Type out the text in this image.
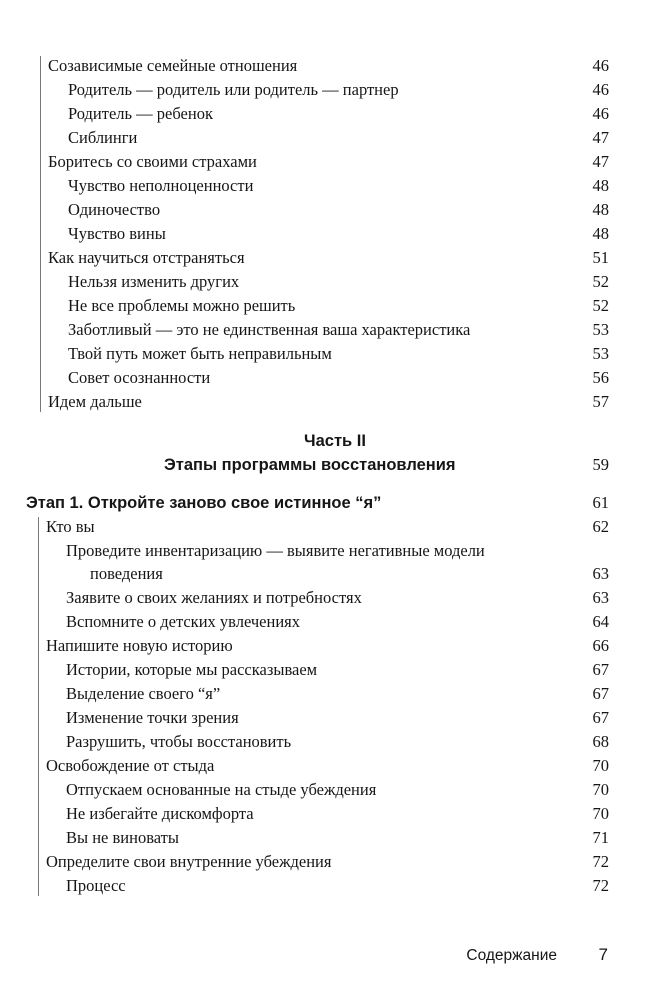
Созависимые семейные отношения	46
Родитель — родитель или родитель — партнер	46
Родитель — ребенок	46
Сиблинги	47
Боритесь со своими страхами	47
Чувство неполноценности	48
Одиночество	48
Чувство вины	48
Как научиться отстраняться	51
Нельзя изменить других	52
Не все проблемы можно решить	52
Заботливый — это не единственная ваша характеристика	53
Твой путь может быть неправильным	53
Совет осознанности	56
Идем дальше	57
Часть II
Этапы программы восстановления	59
Этап 1. Откройте заново свое истинное “я”	61
Кто вы	62
Проведите инвентаризацию — выявите негативные модели
поведения	63
Заявите о своих желаниях и потребностях	63
Вспомните о детских увлечениях	64
Напишите новую историю	66
Истории, которые мы рассказываем	67
Выделение своего “я”	67
Изменение точки зрения	67
Разрушить, чтобы восстановить	68
Освобождение от стыда	70
Отпускаем основанные на стыде убеждения	70
Не избегайте дискомфорта	70
Вы не виноваты	71
Определите свои внутренние убеждения	72
Процесс	72
Содержание 7
